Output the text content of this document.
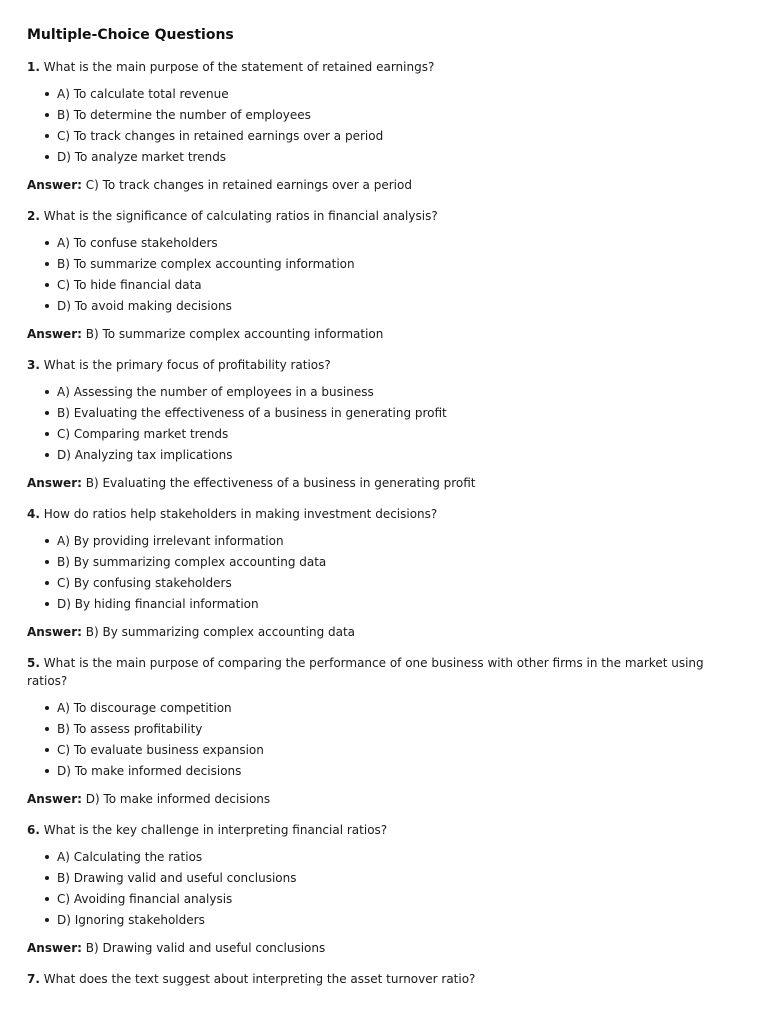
Multiple-Choice Questions

1. What is the main purpose of the statement of retained earnings?

A) To calculate total revenue
B) To determine the number of employees
C) To track changes in retained earnings over a period
D) To analyze market trends

Answer: C) To track changes in retained earnings over a period

2. What is the significance of calculating ratios in financial analysis?

A) To confuse stakeholders
B) To summarize complex accounting information
C) To hide financial data
D) To avoid making decisions

Answer: B) To summarize complex accounting information

3. What is the primary focus of profitability ratios?

A) Assessing the number of employees in a business
B) Evaluating the effectiveness of a business in generating profit
C) Comparing market trends
D) Analyzing tax implications

Answer: B) Evaluating the effectiveness of a business in generating profit

4. How do ratios help stakeholders in making investment decisions?

A) By providing irrelevant information
B) By summarizing complex accounting data
C) By confusing stakeholders
D) By hiding financial information

Answer: B) By summarizing complex accounting data

5. What is the main purpose of comparing the performance of one business with other firms in the market using ratios?

A) To discourage competition
B) To assess profitability
C) To evaluate business expansion
D) To make informed decisions

Answer: D) To make informed decisions

6. What is the key challenge in interpreting financial ratios?

A) Calculating the ratios
B) Drawing valid and useful conclusions
C) Avoiding financial analysis
D) Ignoring stakeholders

Answer: B) Drawing valid and useful conclusions

7. What does the text suggest about interpreting the asset turnover ratio?
